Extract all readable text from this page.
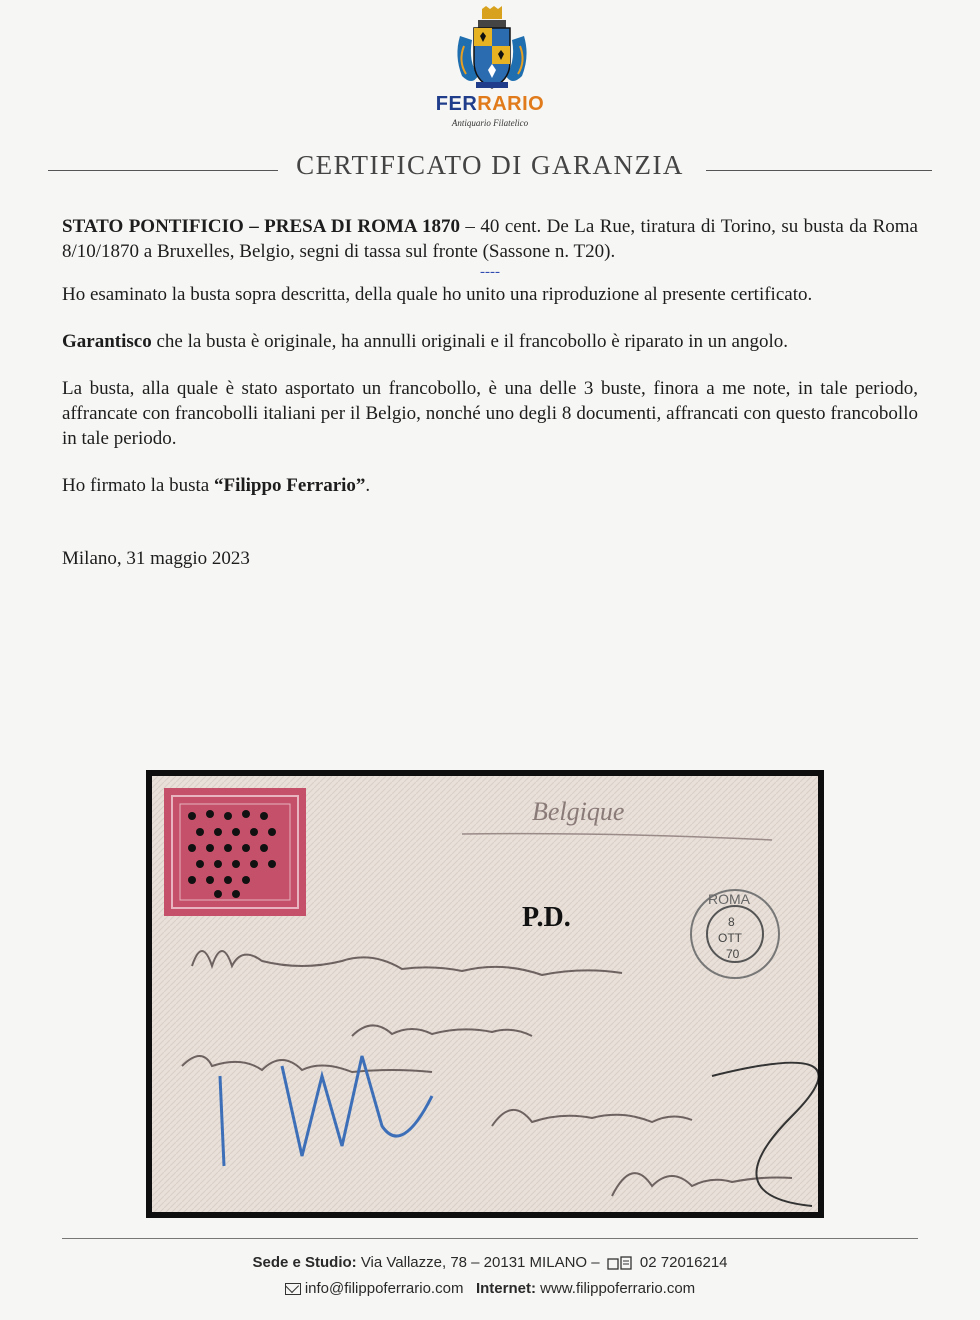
FERRARIO
Antiquario Filatelico
CERTIFICATO DI GARANZIA

STATO PONTIFICIO – PRESA DI ROMA 1870 – 40 cent. De La Rue, tiratura di Torino, su busta da Roma 8/10/1870 a Bruxelles, Belgio, segni di tassa sul fronte (Sassone n. T20).

----

Ho esaminato la busta sopra descritta, della quale ho unito una riproduzione al presente certificato.

Garantisco che la busta è originale, ha annulli originali e il francobollo è riparato in un angolo.

La busta, alla quale è stato asportato un francobollo, è una delle 3 buste, finora a me note, in tale periodo, affrancate con francobolli italiani per il Belgio, nonché uno degli 8 documenti, affrancati con questo francobollo in tale periodo.

Ho firmato la busta “Filippo Ferrario”.

Milano, 31 maggio 2023

Belgique
P.D.
ROMA
8
OTT
70
Sede e Studio: Via Vallazze, 78 – 20131 MILANO –  02 72016214
info@filippoferrario.com Internet: www.filippoferrario.com
